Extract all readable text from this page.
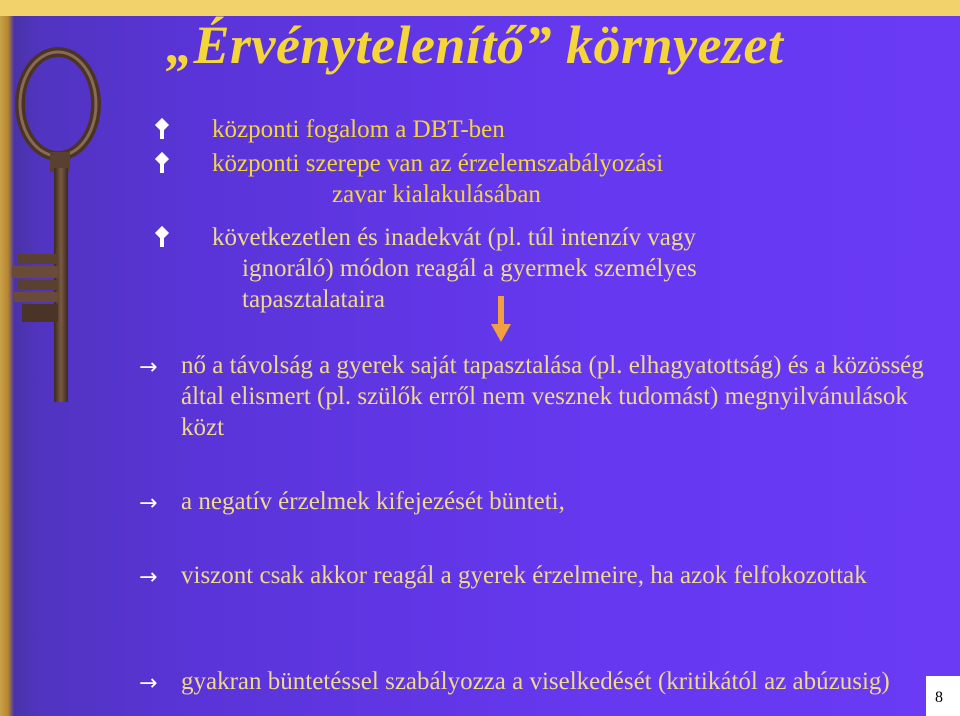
„Érvénytelenítő” környezet
központi fogalom a DBT-ben
központi szerepe van az érzelemszabályozási
zavar kialakulásában
következetlen és inadekvát (pl. túl intenzív vagy
ignoráló) módon reagál a gyermek személyes
tapasztalataira
→ nő a távolság a gyerek saját tapasztalása (pl. elhagyatottság) és a közösség által elismert (pl. szülők erről nem vesznek tudomást) megnyilvánulások közt
→ a negatív érzelmek kifejezését bünteti,
→ viszont csak akkor reagál a gyerek érzelmeire, ha azok felfokozottak
→ gyakran büntetéssel szabályozza a viselkedését (kritikától az abúzusig)
8
